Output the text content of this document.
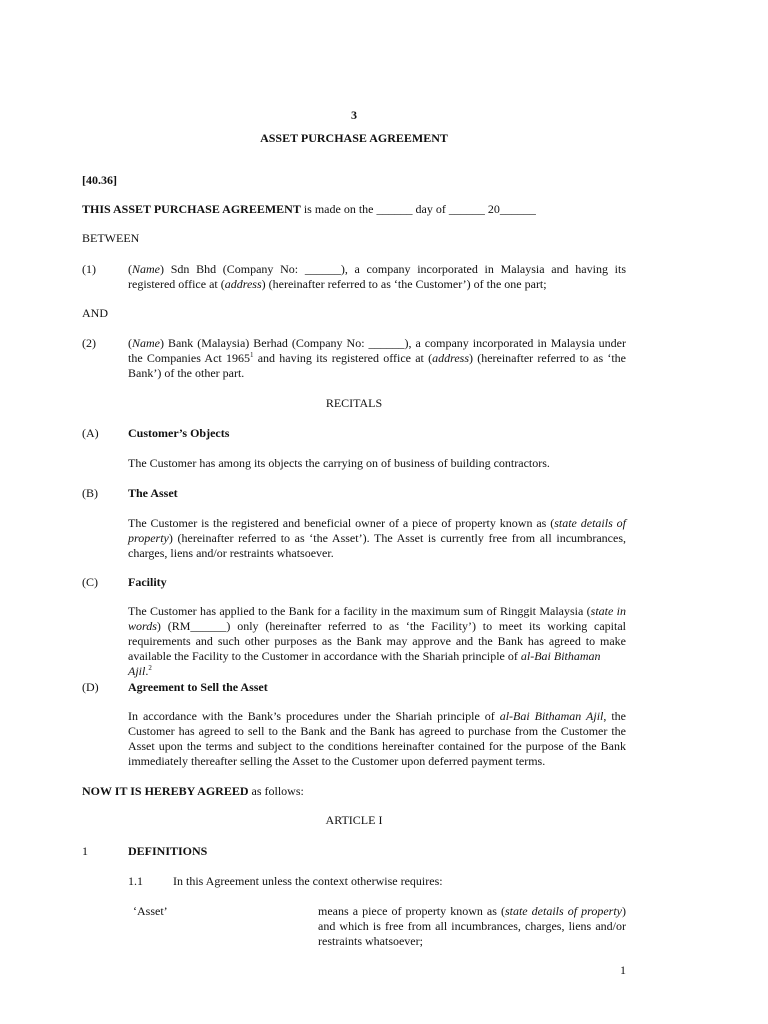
3
ASSET PURCHASE AGREEMENT
[40.36]
THIS ASSET PURCHASE AGREEMENT is made on the ______ day of ______ 20______
BETWEEN
(1)	(Name) Sdn Bhd (Company No: ______), a company incorporated in Malaysia and having its
registered office at (address) (hereinafter referred to as ‘the Customer’) of the one part;
AND
(2)	(Name) Bank (Malaysia) Berhad (Company No: ______), a company incorporated in Malaysia under
the Companies Act 1965$^1$ and having its registered office at (address) (hereinafter referred to as ‘the
Bank’) of the other part.
RECITALS
(A) Customer’s Objects
The Customer has among its objects the carrying on of business of building contractors.
(B)	The Asset
The Customer is the registered and beneficial owner of a piece of property known as (state details of
property) (hereinafter referred to as ‘the Asset’). The Asset is currently free from all incumbrances,
charges, liens and/or restraints whatsoever.
(C)	Facility
The Customer has applied to the Bank for a facility in the maximum sum of Ringgit Malaysia (state in
words) (RM______) only (hereinafter referred to as ‘the Facility’) to meet its working capital
requirements and such other purposes as the Bank may approve and the Bank has agreed to make
available the Facility to the Customer in accordance with the Shariah principle of al-Bai Bithaman Ajil.$^2$
(D) Agreement to Sell the Asset
In accordance with the Bank’s procedures under the Shariah principle of al-Bai Bithaman Ajil, the
Customer has agreed to sell to the Bank and the Bank has agreed to purchase from the Customer the
Asset upon the terms and subject to the conditions hereinafter contained for the purpose of the Bank
immediately thereafter selling the Asset to the Customer upon deferred payment terms.
NOW IT IS HEREBY AGREED as follows:
ARTICLE I
1	DEFINITIONS
1.1	In this Agreement unless the context otherwise requires:
‘Asset’	means a piece of property known as (state details of property)
and which is free from all incumbrances, charges, liens and/or
restraints whatsoever;
1
